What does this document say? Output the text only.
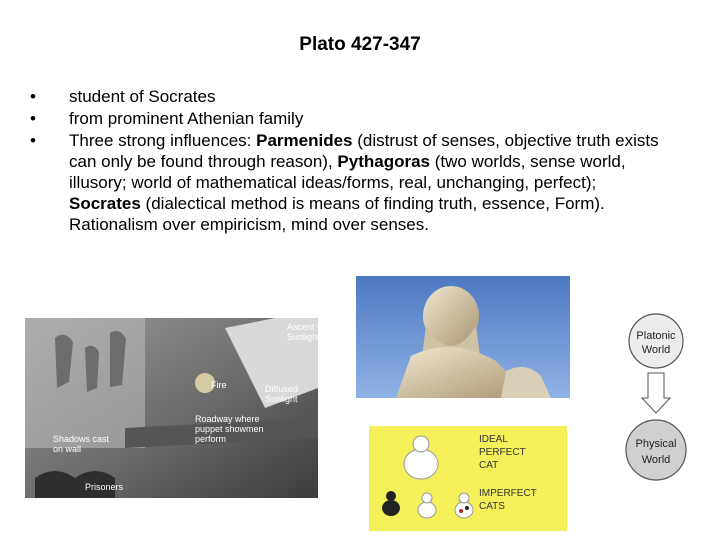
Plato 427-347
•	student of Socrates
•	from prominent Athenian family
•	Three strong influences: Parmenides (distrust of senses, objective truth exists can only be found through reason), Pythagoras (two worlds, sense world, illusory; world of mathematical ideas/forms, real, unchanging, perfect); Socrates (dialectical method is means of finding truth, essence, Form). Rationalism over empiricism, mind over senses.
Ascent to
Sunlight
Fire	Diffused
Sunlight
Roadway where
puppet showmen
perform
Shadows cast
on wall
Prisoners
IDEAL
PERFECT
CAT
IMPERFECT
CATS
Platonic
World
Physical
World
